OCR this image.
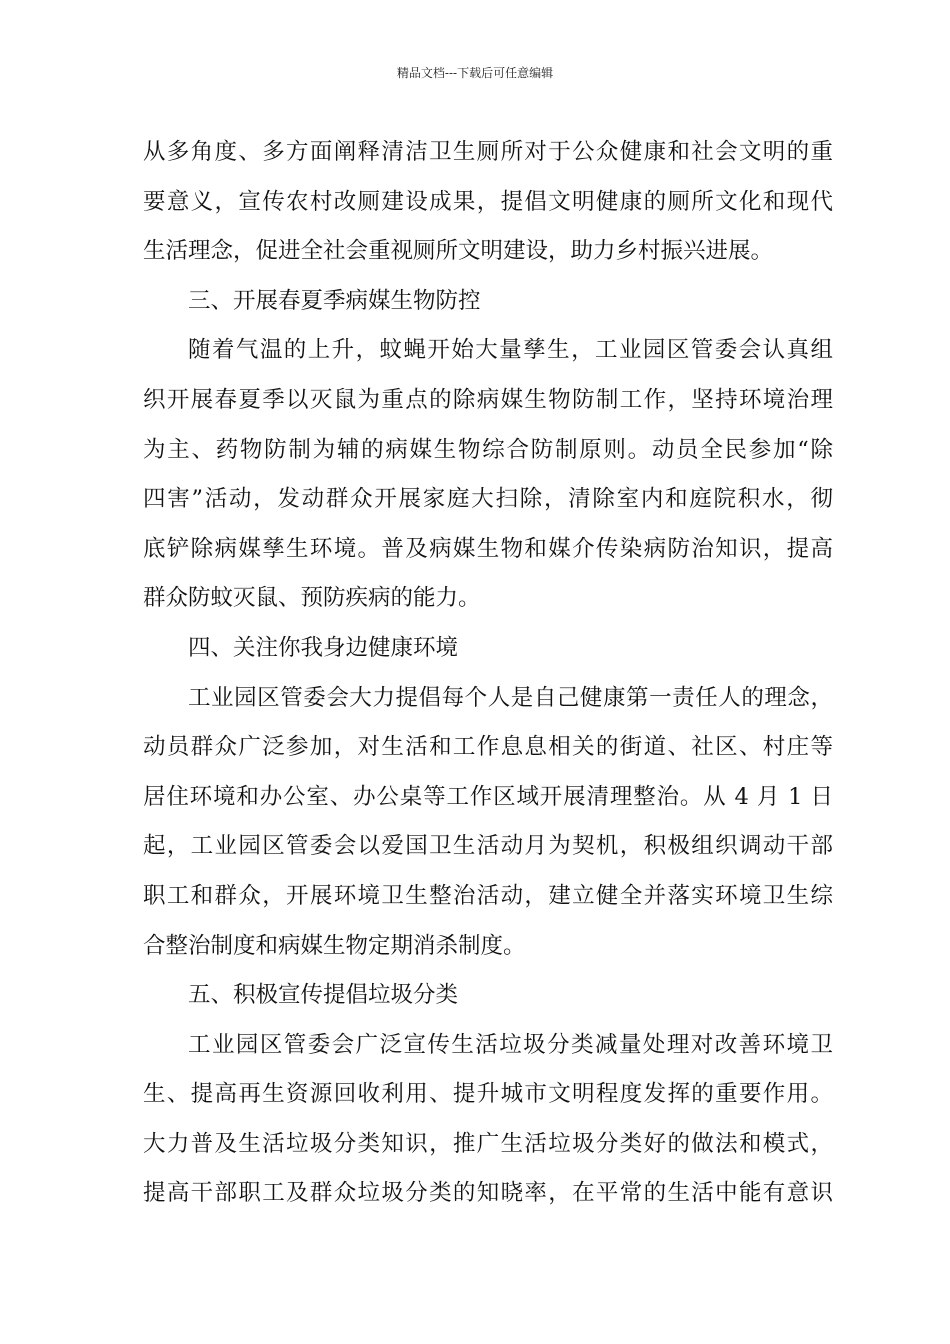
精品文档---下载后可任意编辑
从多角度、多方面阐释清洁卫生厕所对于公众健康和社会文明的重
要意义，宣传农村改厕建设成果，提倡文明健康的厕所文化和现代
生活理念，促进全社会重视厕所文明建设，助力乡村振兴进展。
三、开展春夏季病媒生物防控
随着气温的上升，蚊蝇开始大量孳生，工业园区管委会认真组
织开展春夏季以灭鼠为重点的除病媒生物防制工作，坚持环境治理
为主、药物防制为辅的病媒生物综合防制原则。动员全民参加“除
四害”活动，发动群众开展家庭大扫除，清除室内和庭院积水，彻
底铲除病媒孳生环境。普及病媒生物和媒介传染病防治知识，提高
群众防蚊灭鼠、预防疾病的能力。
四、关注你我身边健康环境
工业园区管委会大力提倡每个人是自己健康第一责任人的理念，
动员群众广泛参加，对生活和工作息息相关的街道、社区、村庄等
居住环境和办公室、办公桌等工作区域开展清理整治。从 4 月 1 日
起，工业园区管委会以爱国卫生活动月为契机，积极组织调动干部
职工和群众，开展环境卫生整治活动，建立健全并落实环境卫生综
合整治制度和病媒生物定期消杀制度。
五、积极宣传提倡垃圾分类
工业园区管委会广泛宣传生活垃圾分类减量处理对改善环境卫
生、提高再生资源回收利用、提升城市文明程度发挥的重要作用。
大力普及生活垃圾分类知识，推广生活垃圾分类好的做法和模式，
提高干部职工及群众垃圾分类的知晓率，在平常的生活中能有意识
